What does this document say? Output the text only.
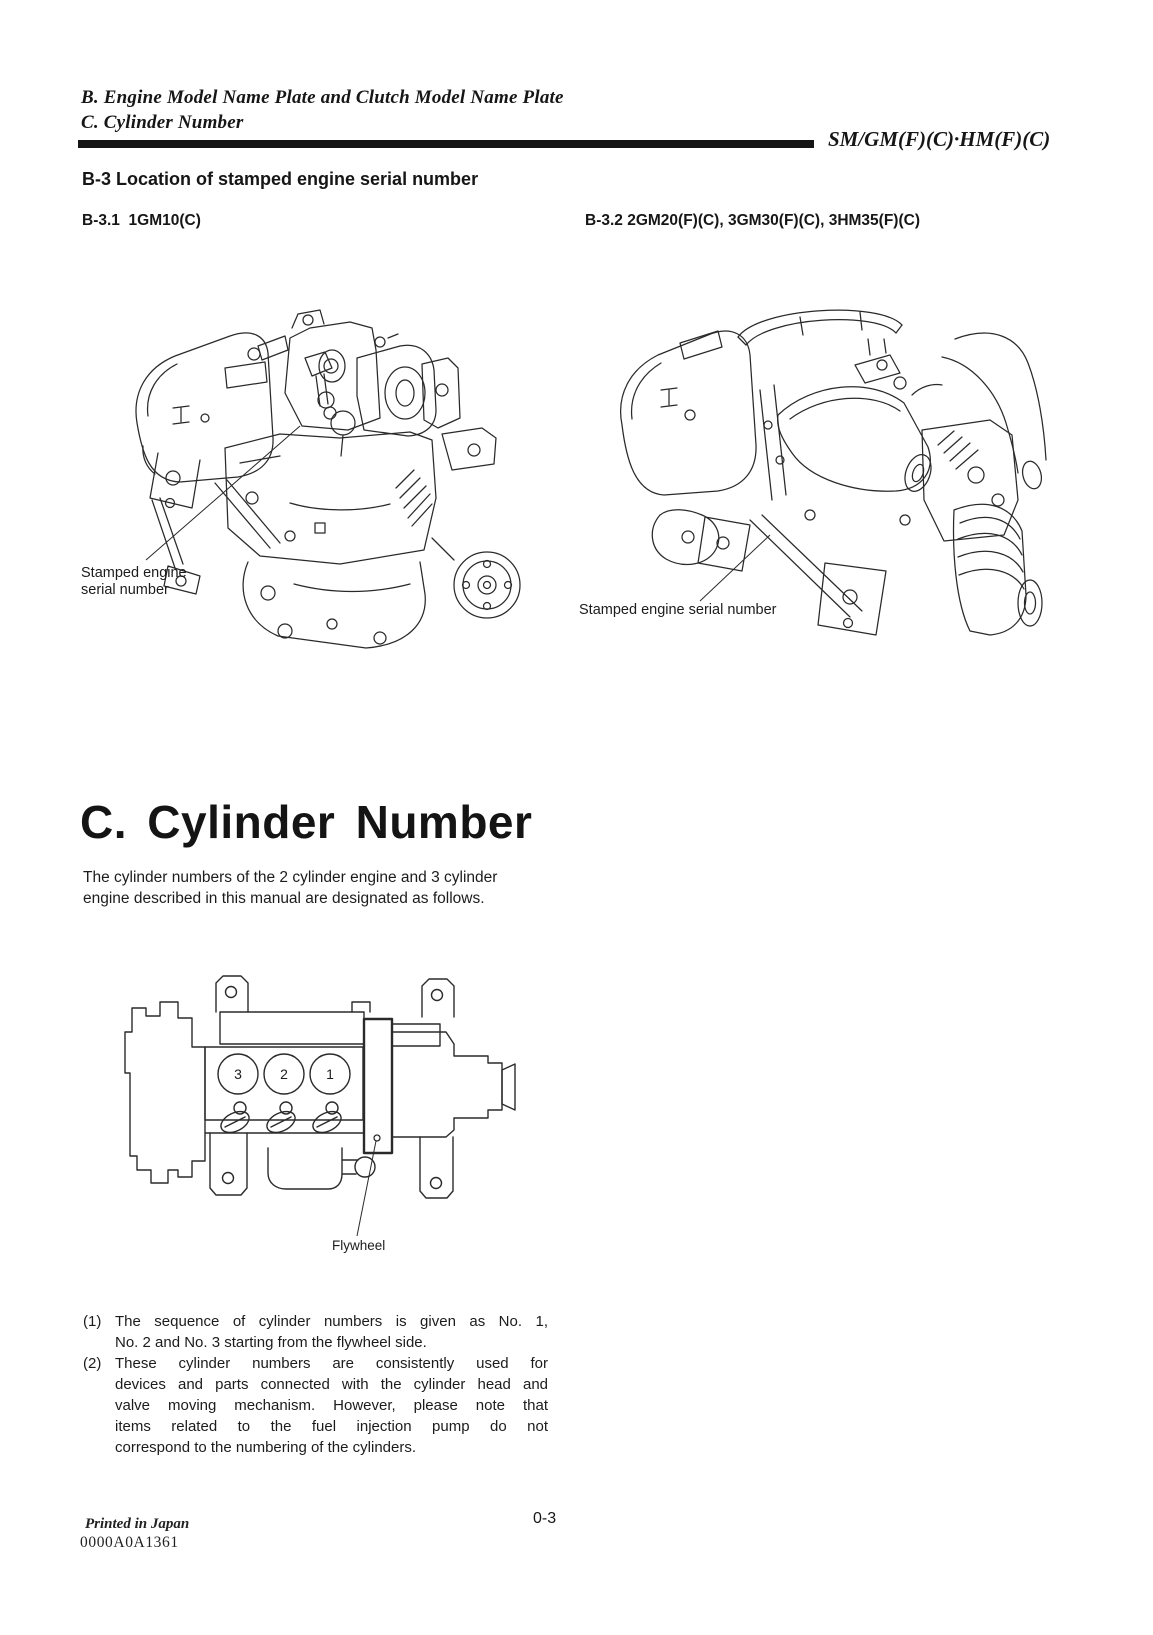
B. Engine Model Name Plate and Clutch Model Name Plate
C. Cylinder Number
SM/GM(F)(C)·HM(F)(C)
B-3 Location of stamped engine serial number
B-3.1  1GM10(C)	B-3.2 2GM20(F)(C), 3GM30(F)(C), 3HM35(F)(C)
Stamped engine
serial number
Stamped engine serial number
C. Cylinder Number
The cylinder numbers of the 2 cylinder engine and 3 cylinder
engine described in this manual are designated as follows.
3	2	1
Flywheel
(1) The sequence of cylinder numbers is given as No. 1,
No. 2 and No. 3 starting from the flywheel side.
(2) These cylinder numbers are consistently used for
devices and parts connected with the cylinder head and
valve moving mechanism. However, please note that
items related to the fuel injection pump do not
correspond to the numbering of the cylinders.
Printed in Japan
0000A0A1361
0-3
